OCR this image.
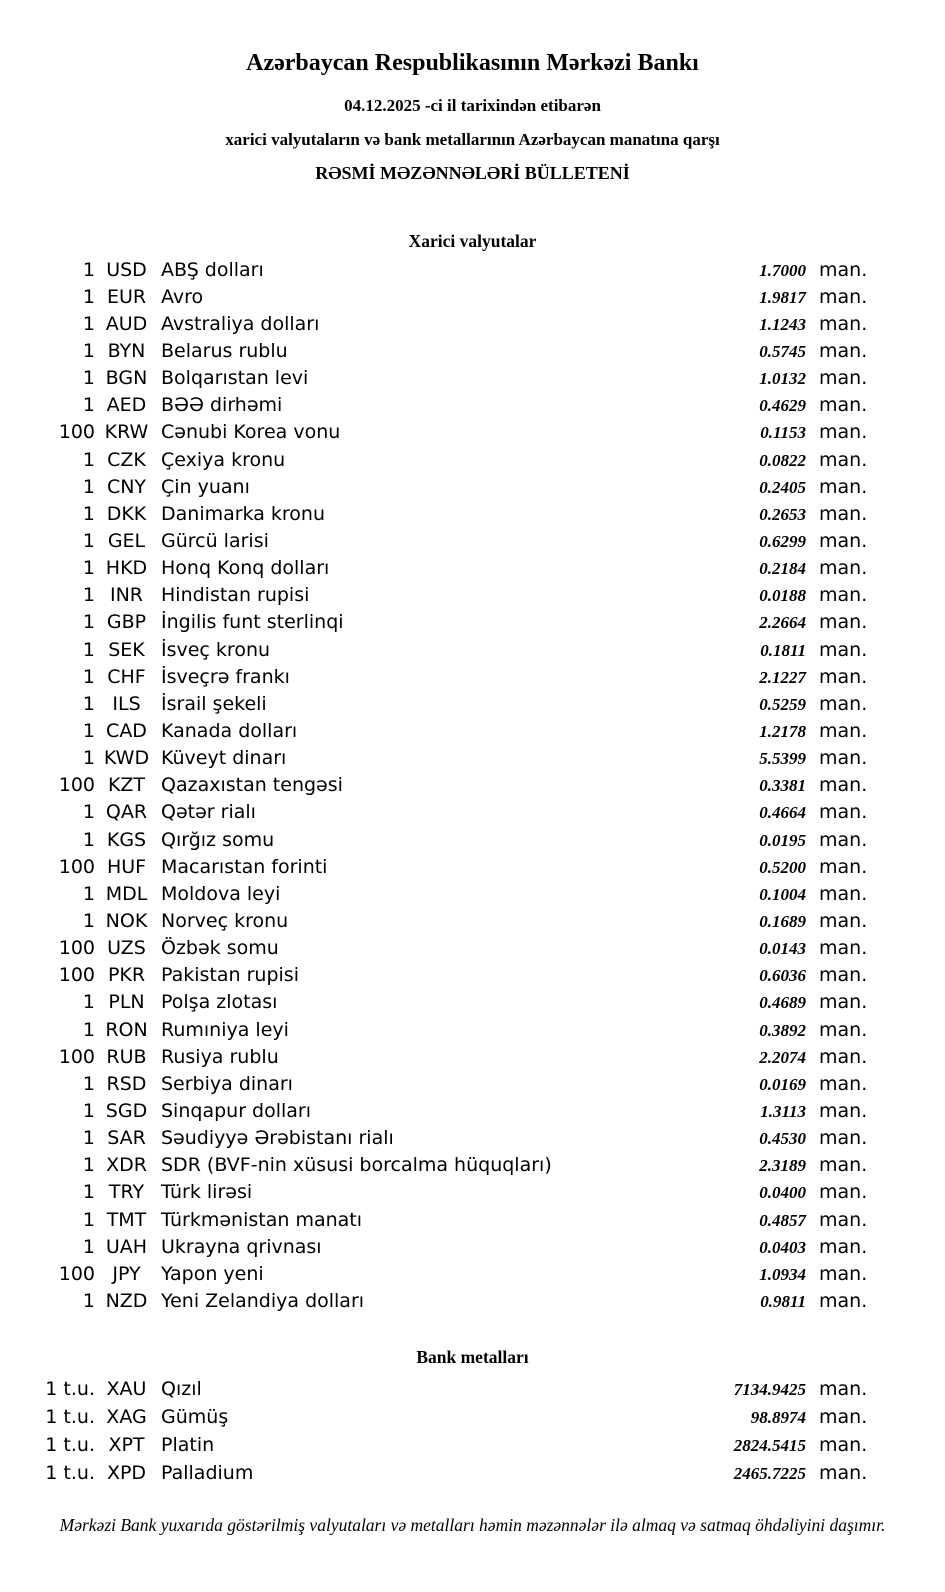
Azərbaycan Respublikasının Mərkəzi Bankı

04.12.2025 -ci il tarixindən etibarən

xarici valyutaların və bank metallarının Azərbaycan manatına qarşı

RƏSMİ MƏZƏNNƏLƏRİ BÜLLETENİ

Xarici valyutalar
1 USD ABŞ dolları	1.7000 man.
1 EUR Avro	1.9817 man.
1 AUD Avstraliya dolları	1.1243 man.
1 BYN Belarus rublu	0.5745 man.
1 BGN Bolqarıstan levi	1.0132 man.
1 AED BƏƏ dirhəmi	0.4629 man.
100 KRW Cənubi Korea vonu	0.1153 man.
1 CZK Çexiya kronu	0.0822 man.
1 CNY Çin yuanı	0.2405 man.
1 DKK Danimarka kronu	0.2653 man.
1 GEL Gürcü larisi	0.6299 man.
1 HKD Honq Konq dolları	0.2184 man.
1 INR Hindistan rupisi	0.0188 man.
1 GBP İngilis funt sterlinqi	2.2664 man.
1 SEK İsveç kronu	0.1811 man.
1 CHF İsveçrə frankı	2.1227 man.
1 ILS	İsrail şekeli	0.5259 man.
1 CAD Kanada dolları	1.2178 man.
1 KWD Küveyt dinarı	5.5399 man.
100 KZT Qazaxıstan tengəsi	0.3381 man.
1 QAR Qətər rialı	0.4664 man.
1 KGS Qırğız somu	0.0195 man.
100 HUF Macarıstan forinti	0.5200 man.
1 MDL Moldova leyi	0.1004 man.
1 NOK Norveç kronu	0.1689 man.
100 UZS Özbək somu	0.0143 man.
100 PKR Pakistan rupisi	0.6036 man.
1 PLN Polşa zlotası	0.4689 man.
1 RON Rumıniya leyi	0.3892 man.
100 RUB Rusiya rublu	2.2074 man.
1 RSD Serbiya dinarı	0.0169 man.
1 SGD Sinqapur dolları	1.3113 man.
1 SAR Səudiyyə Ərəbistanı rialı	0.4530 man.
1 XDR SDR (BVF-nin xüsusi borcalma hüquqları)	2.3189 man.
1 TRY Türk lirəsi	0.0400 man.
1 TMT Türkmənistan manatı	0.4857 man.
1 UAH Ukrayna qrivnası	0.0403 man.
100 JPY	Yapon yeni	1.0934 man.
1 NZD Yeni Zelandiya dolları	0.9811 man.
Bank metalları
1 t.u. XAU Qızıl	7134.9425 man.
1 t.u. XAG Gümüş	98.8974 man.
1 t.u. XPT Platin	2824.5415 man.
1 t.u. XPD Palladium	2465.7225 man.

Mərkəzi Bank yuxarıda göstərilmiş valyutaları və metalları həmin məzənnələr ilə almaq və satmaq öhdəliyini daşımır.
